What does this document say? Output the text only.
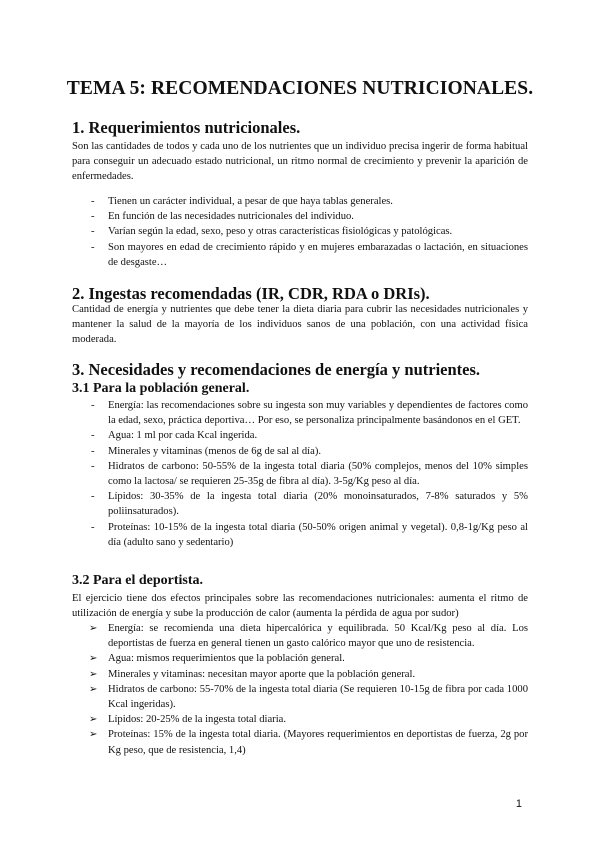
TEMA 5: RECOMENDACIONES NUTRICIONALES.
1. Requerimientos nutricionales.

Son las cantidades de todos y cada uno de los nutrientes que un individuo precisa ingerir de forma habitual para conseguir un adecuado estado nutricional, un ritmo normal de crecimiento y prevenir la aparición de enfermedades.

- Tienen un carácter individual, a pesar de que haya tablas generales.
- En función de las necesidades nutricionales del individuo.
- Varían según la edad, sexo, peso y otras características fisiológicas y patológicas.
- Son mayores en edad de crecimiento rápido y en mujeres embarazadas o lactación, en situaciones de desgaste…
2. Ingestas recomendadas (IR, CDR, RDA o DRIs).

Cantidad de energía y nutrientes que debe tener la dieta diaria para cubrir las necesidades nutricionales y mantener la salud de la mayoría de los individuos sanos de una población, con una actividad física moderada.

3. Necesidades y recomendaciones de energía y nutrientes.
3.1 Para la población general.
- Energía: las recomendaciones sobre su ingesta son muy variables y dependientes de factores como la edad, sexo, práctica deportiva… Por eso, se personaliza principalmente basándonos en el GET.
- Agua: 1 ml por cada Kcal ingerida.
- Minerales y vitaminas (menos de 6g de sal al día).
- Hidratos de carbono: 50-55% de la ingesta total diaria (50% complejos, menos del 10% simples como la lactosa/ se requieren 25-35g de fibra al día). 3-5g/Kg peso al día.
- Lípidos: 30-35% de la ingesta total diaria (20% monoinsaturados, 7-8% saturados y 5% poliinsaturados).
- Proteínas: 10-15% de la ingesta total diaria (50-50% origen animal y vegetal). 0,8-1g/Kg peso al día (adulto sano y sedentario)
3.2 Para el deportista.

El ejercicio tiene dos efectos principales sobre las recomendaciones nutricionales: aumenta el ritmo de utilización de energía y sube la producción de calor (aumenta la pérdida de agua por sudor)

➢ Energía: se recomienda una dieta hipercalórica y equilibrada. 50 Kcal/Kg peso al día. Los deportistas de fuerza en general tienen un gasto calórico mayor que uno de resistencia.
➢ Agua: mismos requerimientos que la población general.
➢ Minerales y vitaminas: necesitan mayor aporte que la población general.
➢ Hidratos de carbono: 55-70% de la ingesta total diaria (Se requieren 10-15g de fibra por cada 1000 Kcal ingeridas).
➢ Lípidos: 20-25% de la ingesta total diaria.
➢ Proteínas: 15% de la ingesta total diaria. (Mayores requerimientos en deportistas de fuerza, 2g por Kg peso, que de resistencia, 1,4)
1
